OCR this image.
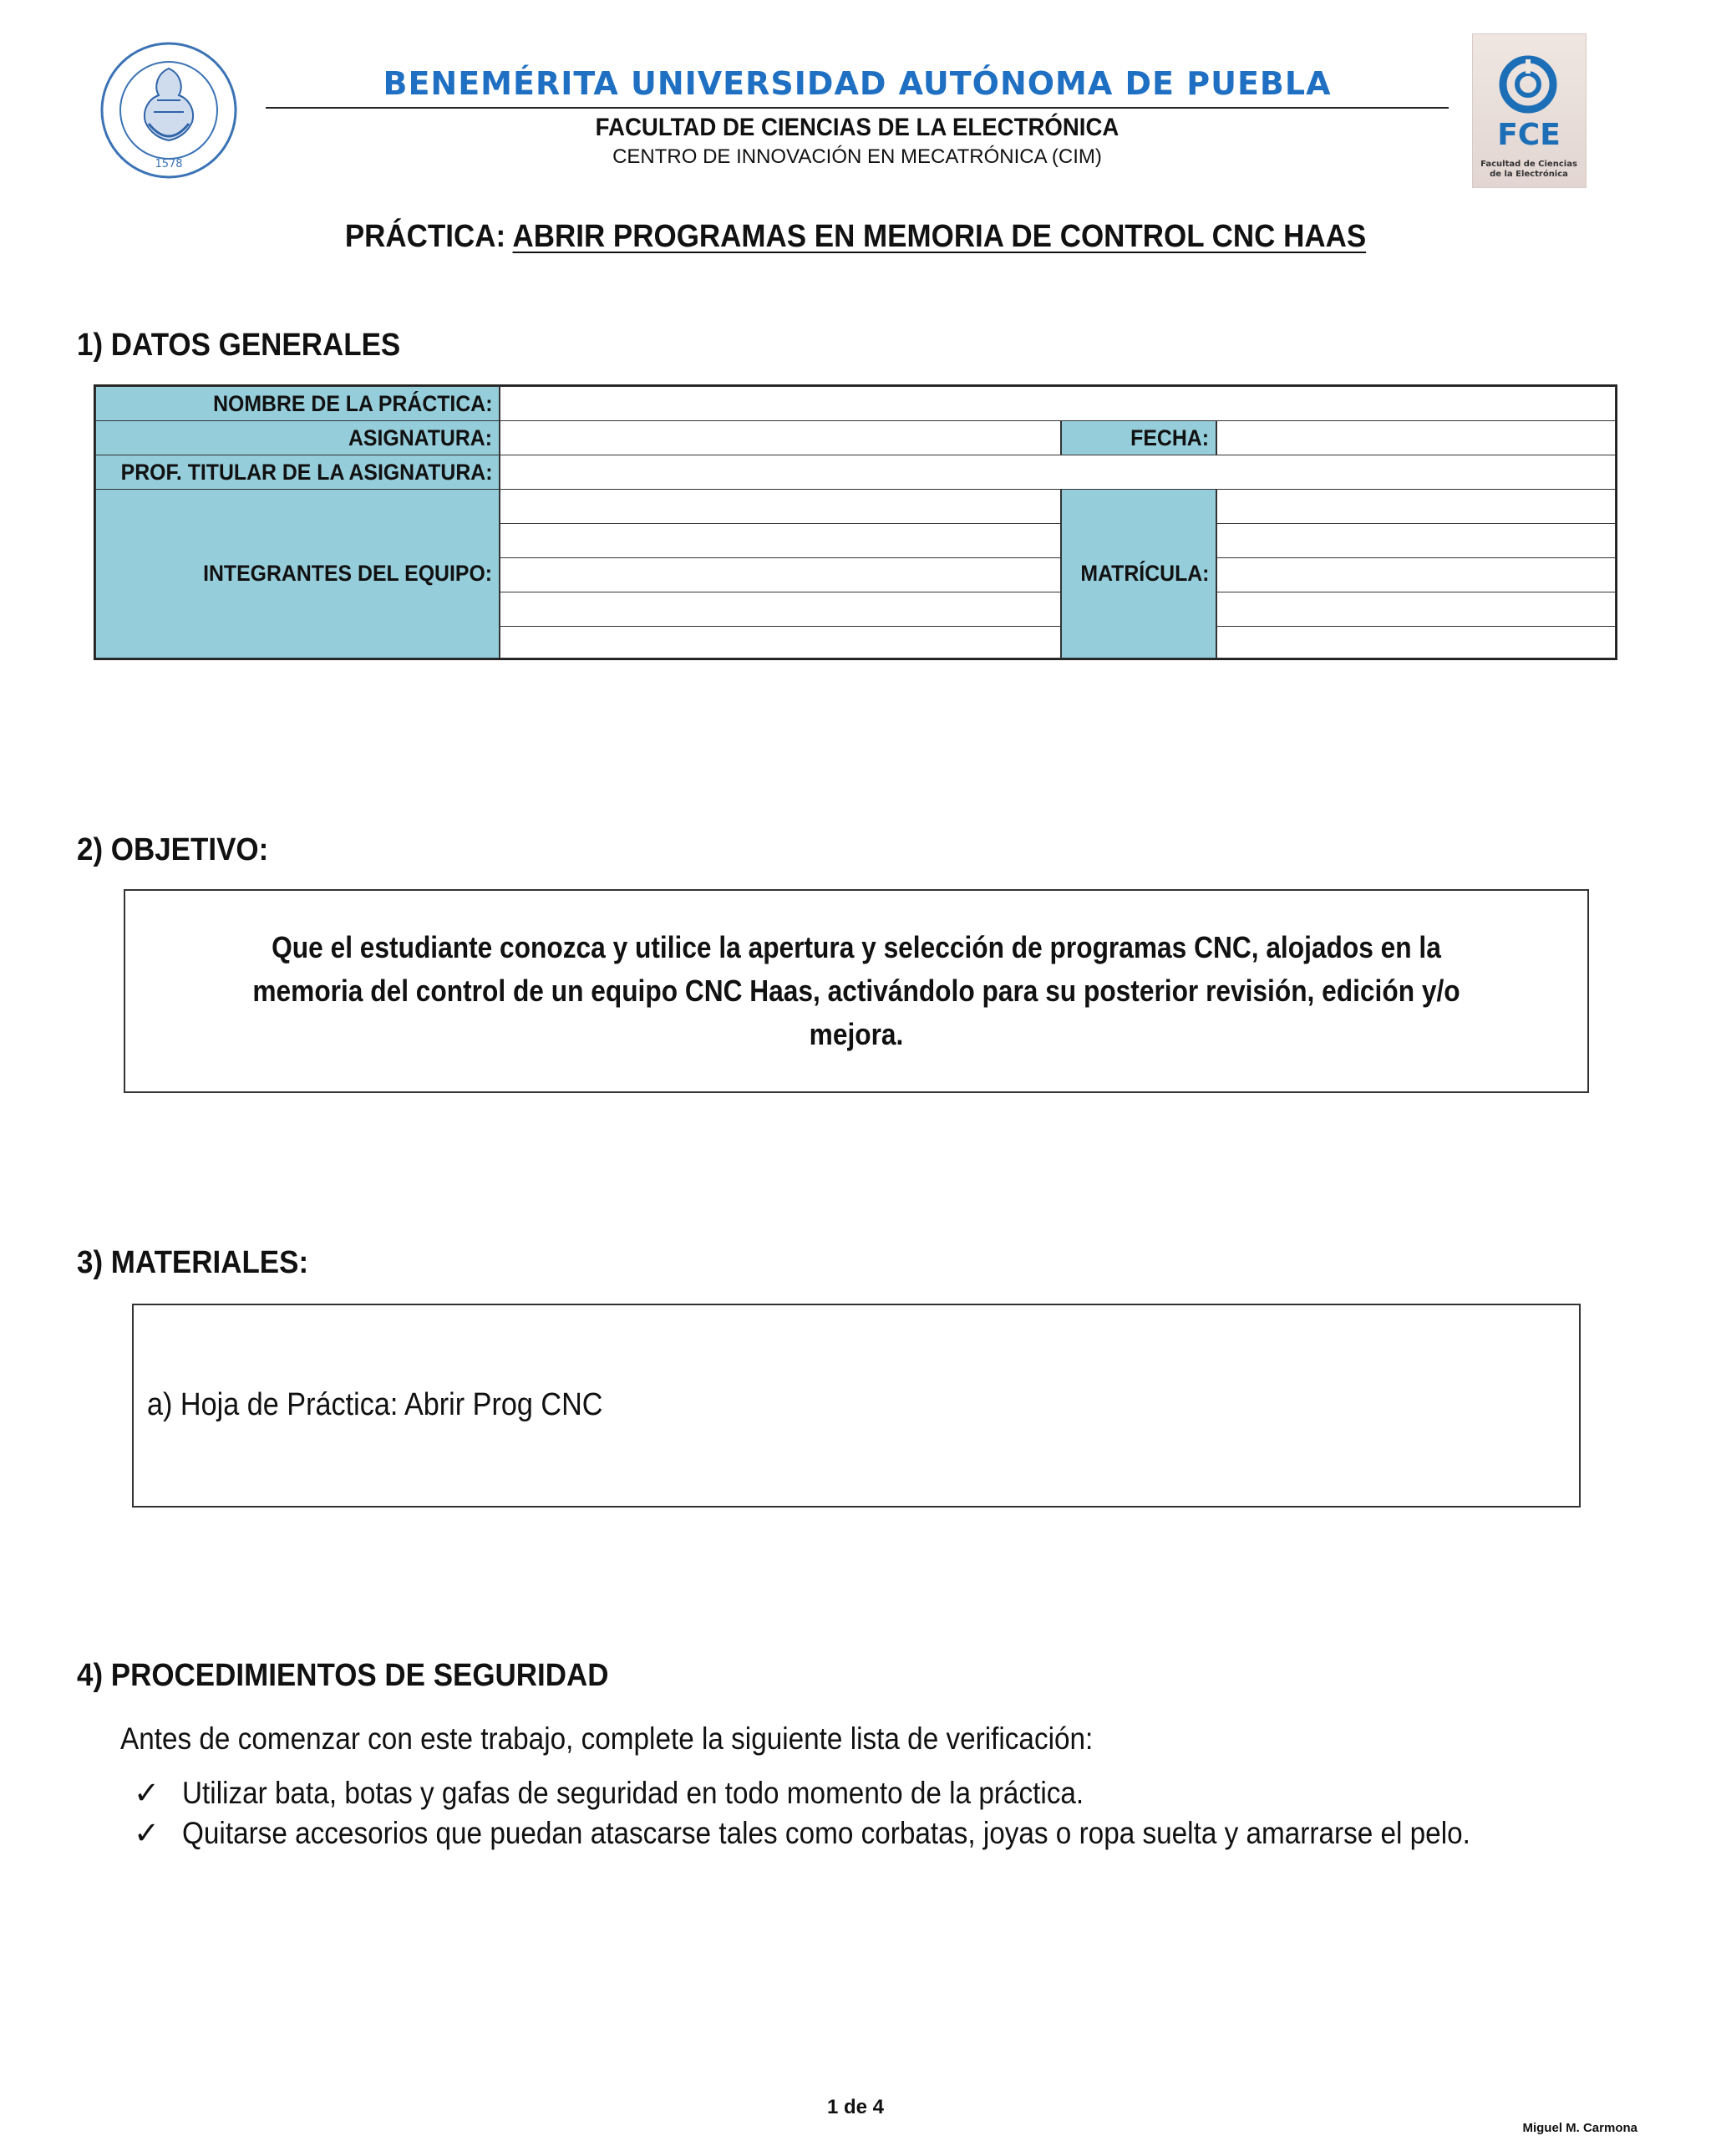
1578
BENEMÉRITA UNIVERSIDAD AUTÓNOMA DE PUEBLA
FACULTAD DE CIENCIAS DE LA ELECTRÓNICA
CENTRO DE INNOVACIÓN EN MECATRÓNICA (CIM)
FCE
Facultad de Ciencias
de la Electrónica
PRÁCTICA: ABRIR PROGRAMAS EN MEMORIA DE CONTROL CNC HAAS
1) DATOS GENERALES
NOMBRE DE LA PRÁCTICA:
ASIGNATURA:	FECHA:
PROF. TITULAR DE LA ASIGNATURA:
INTEGRANTES DEL EQUIPO:	MATRÍCULA:
2) OBJETIVO:
Que el estudiante conozca y utilice la apertura y selección de programas CNC, alojados en la memoria del control de un equipo CNC Haas, activándolo para su posterior revisión, edición y/o mejora.
3) MATERIALES:
a) Hoja de Práctica: Abrir Prog CNC
4) PROCEDIMIENTOS DE SEGURIDAD
Antes de comenzar con este trabajo, complete la siguiente lista de verificación:
✓ Utilizar bata, botas y gafas de seguridad en todo momento de la práctica.
✓ Quitarse accesorios que puedan atascarse tales como corbatas, joyas o ropa suelta y amarrarse el pelo.
1 de 4
Miguel M. Carmona
